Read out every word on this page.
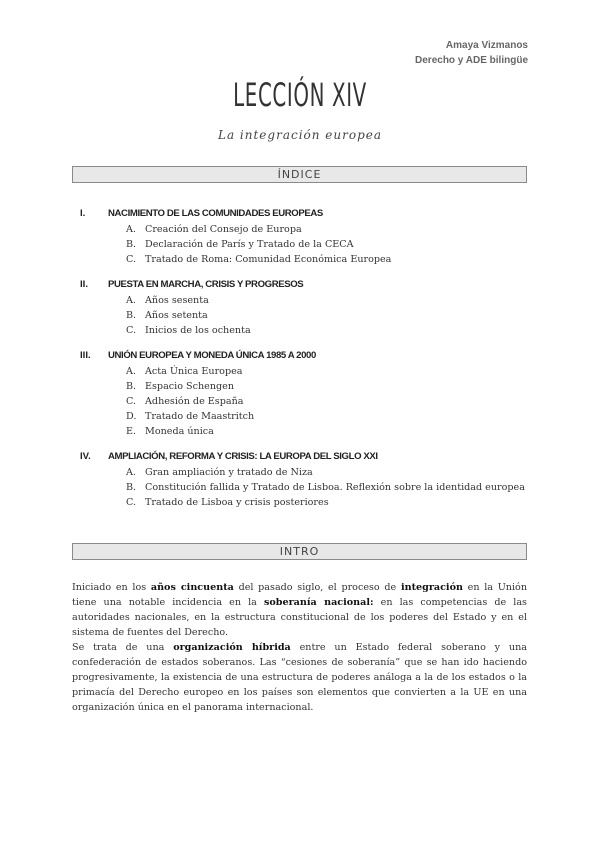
Amaya Vizmanos
Derecho y ADE bilingüe
LECCIÓN XIV
La integración europea
ÍNDICE
I. NACIMIENTO DE LAS COMUNIDADES EUROPEAS
A. Creación del Consejo de Europa
B. Declaración de París y Tratado de la CECA
C. Tratado de Roma: Comunidad Económica Europea
II. PUESTA EN MARCHA, CRISIS Y PROGRESOS
A. Años sesenta
B. Años setenta
C. Inicios de los ochenta
III. UNIÓN EUROPEA Y MONEDA ÚNICA 1985 A 2000
A. Acta Única Europea
B. Espacio Schengen
C. Adhesión de España
D. Tratado de Maastritch
E. Moneda única
IV. AMPLIACIÓN, REFORMA Y CRISIS: LA EUROPA DEL SIGLO XXI
A. Gran ampliación y tratado de Niza
B. Constitución fallida y Tratado de Lisboa. Reflexión sobre la identidad europea
C. Tratado de Lisboa y crisis posteriores
INTRO
Iniciado en los años cincuenta del pasado siglo, el proceso de integración en la Unión tiene una notable incidencia en la soberanía nacional: en las competencias de las autoridades nacionales, en la estructura constitucional de los poderes del Estado y en el sistema de fuentes del Derecho.
Se trata de una organización híbrida entre un Estado federal soberano y una confederación de estados soberanos. Las “cesiones de soberanía” que se han ido haciendo progresivamente, la existencia de una estructura de poderes análoga a la de los estados o la primacía del Derecho europeo en los países son elementos que convierten a la UE en una organización única en el panorama internacional.
